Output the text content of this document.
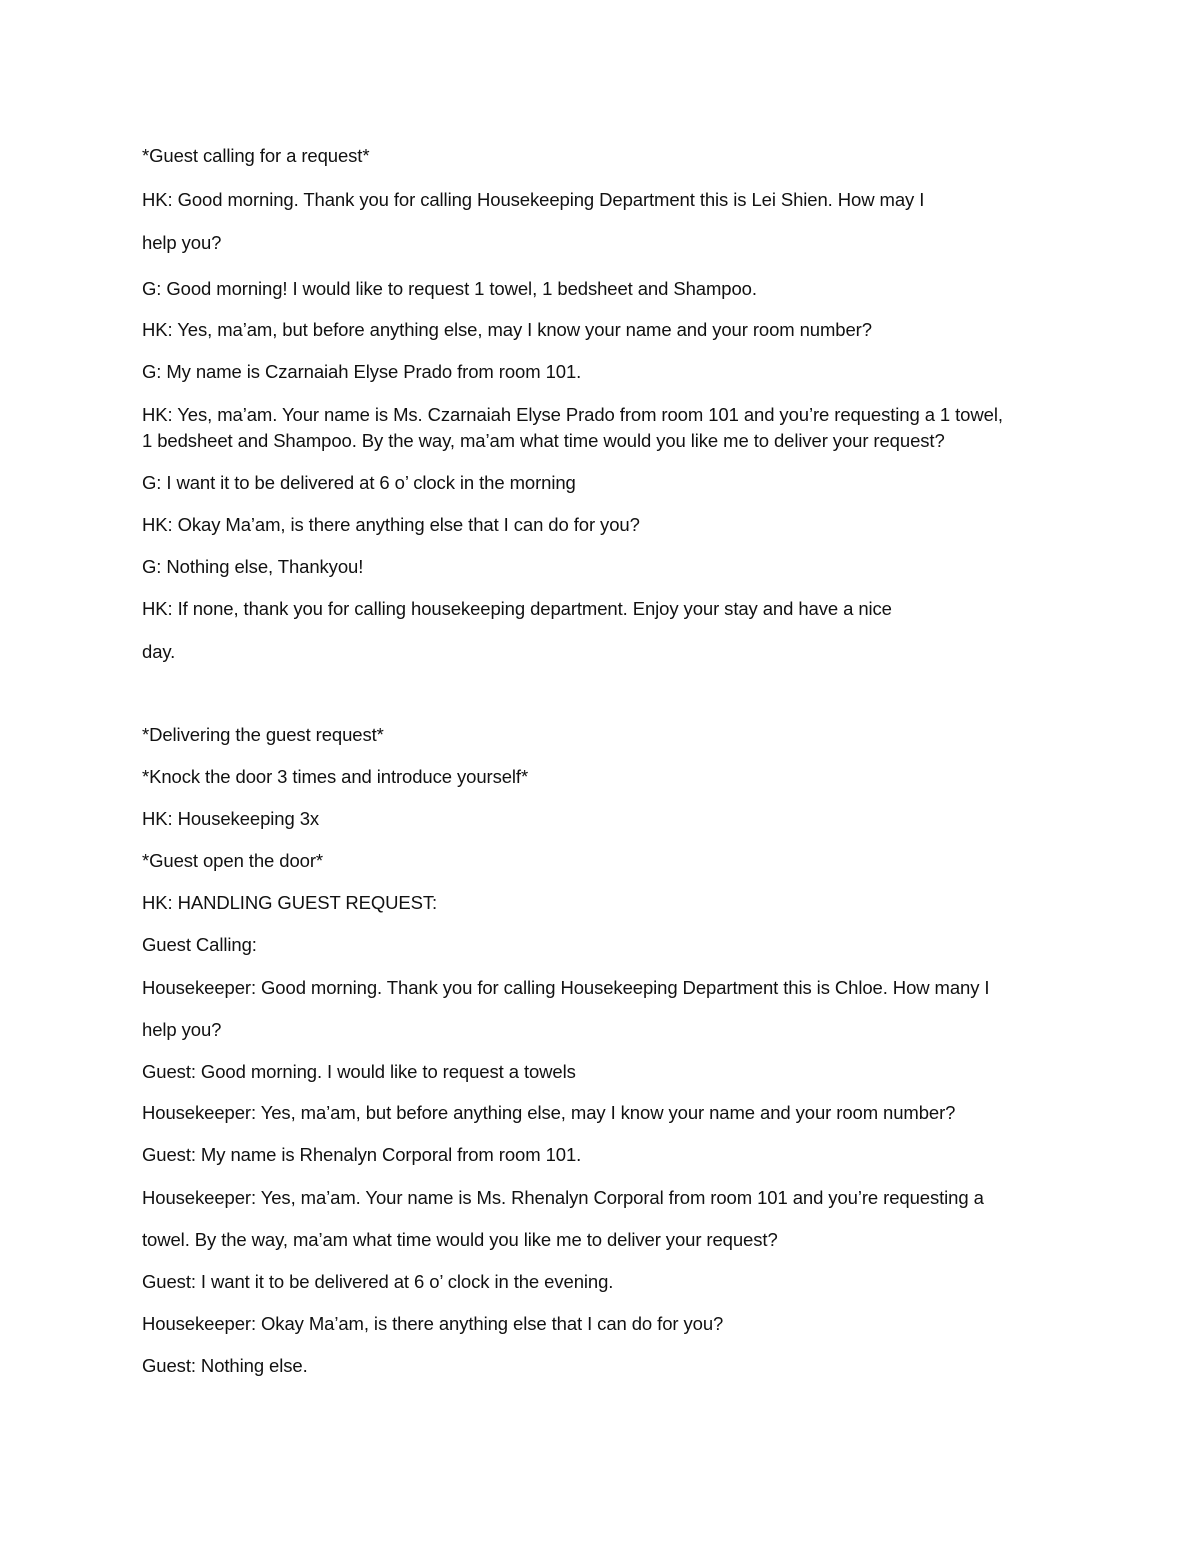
*Guest calling for a request*
HK: Good morning. Thank you for calling Housekeeping Department this is Lei Shien. How may I
help you?
G: Good morning! I would like to request 1 towel, 1 bedsheet and Shampoo.
HK: Yes, ma’am, but before anything else, may I know your name and your room number?
G: My name is Czarnaiah Elyse Prado from room 101.
HK: Yes, ma’am. Your name is Ms. Czarnaiah Elyse Prado from room 101 and you’re requesting a 1 towel,
1 bedsheet and Shampoo. By the way, ma’am what time would you like me to deliver your request?
G: I want it to be delivered at 6 o’ clock in the morning
HK: Okay Ma’am, is there anything else that I can do for you?
G: Nothing else, Thankyou!
HK: If none, thank you for calling housekeeping department. Enjoy your stay and have a nice
day.
*Delivering the guest request*
*Knock the door 3 times and introduce yourself*
HK: Housekeeping 3x
*Guest open the door*
HK: HANDLING GUEST REQUEST:
Guest Calling:
Housekeeper: Good morning. Thank you for calling Housekeeping Department this is Chloe. How many I
help you?
Guest: Good morning. I would like to request a towels
Housekeeper: Yes, ma’am, but before anything else, may I know your name and your room number?
Guest: My name is Rhenalyn Corporal from room 101.
Housekeeper: Yes, ma’am. Your name is Ms. Rhenalyn Corporal from room 101 and you’re requesting a
towel. By the way, ma’am what time would you like me to deliver your request?
Guest: I want it to be delivered at 6 o’ clock in the evening.
Housekeeper: Okay Ma’am, is there anything else that I can do for you?
Guest: Nothing else.
